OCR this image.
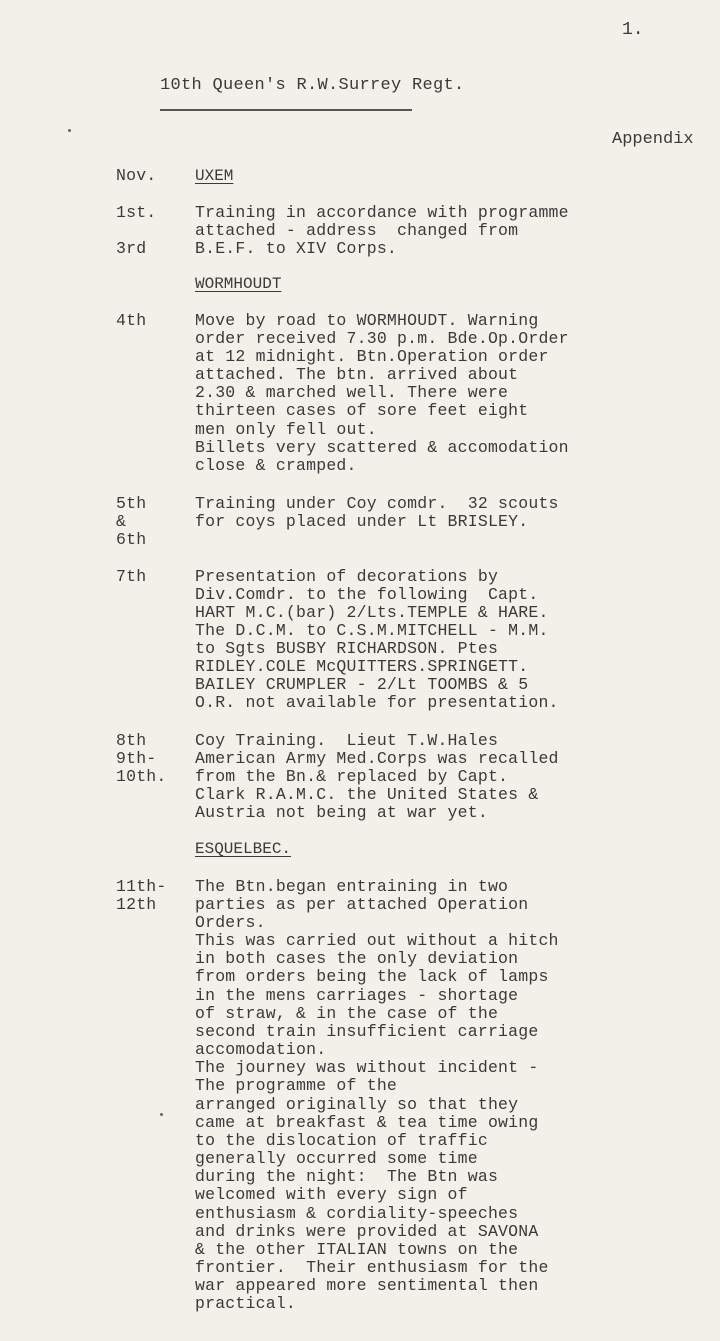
1.
10th Queen's R.W.Surrey Regt.
Appendix
Nov. UXEM
1st.
3rd
Training in accordance with programme
attached - address  changed from
B.E.F. to XIV Corps.
WORMHOUDT
4th	Move by road to WORMHOUDT. Warning
order received 7.30 p.m. Bde.Op.Order
at 12 midnight. Btn.Operation order
attached. The btn. arrived about
2.30 & marched well. There were
thirteen cases of sore feet eight
men only fell out.
Billets very scattered & accomodation
close & cramped.
5th
&
6th
Training under Coy comdr.  32 scouts
for coys placed under Lt BRISLEY.
7th	Presentation of decorations by
Div.Comdr. to the following  Capt.
HART M.C.(bar) 2/Lts.TEMPLE & HARE.
The D.C.M. to C.S.M.MITCHELL - M.M.
to Sgts BUSBY RICHARDSON. Ptes
RIDLEY.COLE McQUITTERS.SPRINGETT.
BAILEY CRUMPLER - 2/Lt TOOMBS & 5
O.R. not available for presentation.
8th
9th-
10th.
Coy Training.  Lieut T.W.Hales
American Army Med.Corps was recalled
from the Bn.& replaced by Capt.
Clark R.A.M.C. the United States &
Austria not being at war yet.
ESQUELBEC.
11th-
12th
The Btn.began entraining in two
parties as per attached Operation
Orders.
This was carried out without a hitch
in both cases the only deviation
from orders being the lack of lamps
in the mens carriages - shortage
of straw, & in the case of the
second train insufficient carriage
accomodation.
The journey was without incident -
The programme of the
arranged originally so that they
came at breakfast & tea time owing
to the dislocation of traffic
generally occurred some time
during the night:  The Btn was
welcomed with every sign of
enthusiasm & cordiality-speeches
and drinks were provided at SAVONA
& the other ITALIAN towns on the
frontier.  Their enthusiasm for the
war appeared more sentimental then
practical.
